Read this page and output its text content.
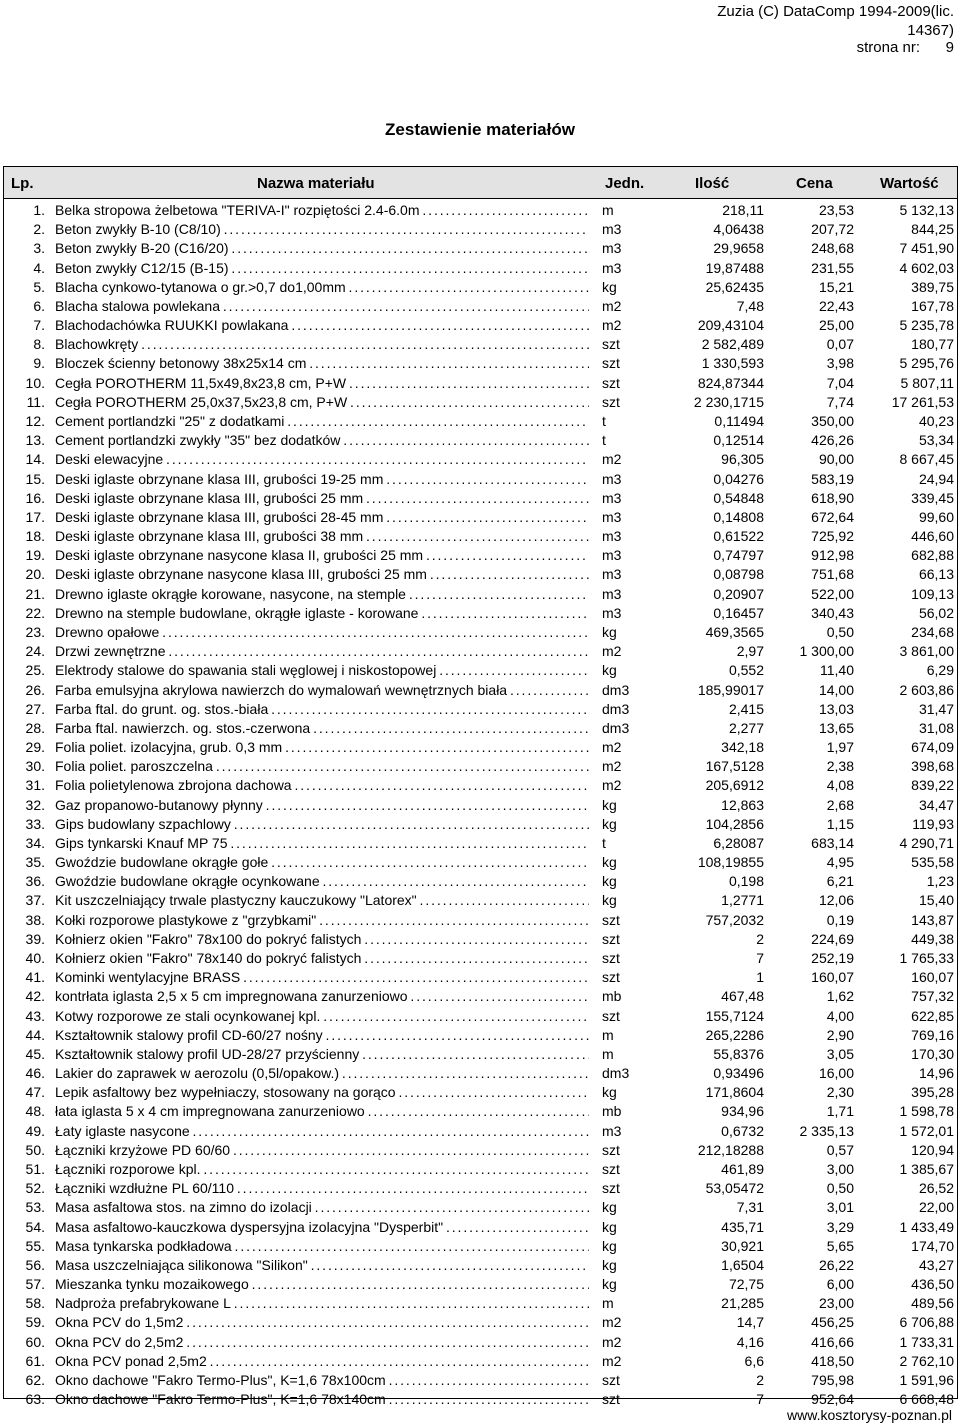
Zuzia (C) DataComp 1994-2009(lic.
14367)
strona nr: 9
Zestawienie materiałów
Lp.	Nazwa materiału	Jedn.	Ilość	Cena	Wartość
1. Belka stropowa żelbetowa "TERIVA-I" rozpiętości 2.4-6.0m . . .	m	218,11	23,53	5 132,13
2. Beton zwykły B-10 (C8/10) . . .	m3	4,06438	207,72	844,25
3. Beton zwykły B-20 (C16/20) . . .	m3	29,9658	248,68	7 451,90
4. Beton zwykły C12/15 (B-15) . . .	m3	19,87488	231,55	4 602,03
5. Blacha cynkowo-tytanowa o gr.>0,7 do1,00mm . . .	kg	25,62435	15,21	389,75
6. Blacha stalowa powlekana . . .	m2	7,48	22,43	167,78
7. Blachodachówka RUUKKI powlakana . . .	m2	209,43104	25,00	5 235,78
8. Blachowkręty . . .	szt	2 582,489	0,07	180,77
9. Bloczek ścienny betonowy 38x25x14 cm . . .	szt	1 330,593	3,98	5 295,76
10. Cegła POROTHERM 11,5x49,8x23,8 cm, P+W . . .	szt	824,87344	7,04	5 807,11
11. Cegła POROTHERM 25,0x37,5x23,8 cm, P+W . . .	szt	2 230,1715	7,74	17 261,53
12. Cement portlandzki "25" z dodatkami . . .	t	0,11494	350,00	40,23
13. Cement portlandzki zwykły "35" bez dodatków . . .	t	0,12514	426,26	53,34
14. Deski elewacyjne . . .	m2	96,305	90,00	8 667,45
15. Deski iglaste obrzynane klasa III, grubości 19-25 mm . . .	m3	0,04276	583,19	24,94
16. Deski iglaste obrzynane klasa III, grubości 25 mm . . .	m3	0,54848	618,90	339,45
17. Deski iglaste obrzynane klasa III, grubości 28-45 mm . . .	m3	0,14808	672,64	99,60
18. Deski iglaste obrzynane klasa III, grubości 38 mm . . .	m3	0,61522	725,92	446,60
19. Deski iglaste obrzynane nasycone klasa II, grubości 25 mm . . .	m3	0,74797	912,98	682,88
20. Deski iglaste obrzynane nasycone klasa III, grubości 25 mm . . .	m3	0,08798	751,68	66,13
21. Drewno iglaste okrągłe korowane, nasycone, na stemple . . .	m3	0,20907	522,00	109,13
22. Drewno na stemple budowlane, okrągłe iglaste - korowane . . .	m3	0,16457	340,43	56,02
23. Drewno opałowe . . .	kg	469,3565	0,50	234,68
24. Drzwi zewnętrzne . . .	m2	2,97	1 300,00	3 861,00
25. Elektrody stalowe do spawania stali węglowej i niskostopowej . . .	kg	0,552	11,40	6,29
26. Farba emulsyjna akrylowa nawierzch do wymalowań wewnętrznych biała . . .	dm3	185,99017	14,00	2 603,86
27. Farba ftal. do grunt. og. stos.-biała . . .	dm3	2,415	13,03	31,47
28. Farba ftal. nawierzch. og. stos.-czerwona . . .	dm3	2,277	13,65	31,08
29. Folia poliet. izolacyjna, grub. 0,3 mm . . .	m2	342,18	1,97	674,09
30. Folia poliet. paroszczelna . . .	m2	167,5128	2,38	398,68
31. Folia polietylenowa zbrojona dachowa . . .	m2	205,6912	4,08	839,22
32. Gaz propanowo-butanowy płynny . . .	kg	12,863	2,68	34,47
33. Gips budowlany szpachlowy . . .	kg	104,2856	1,15	119,93
34. Gips tynkarski Knauf MP 75 . . .	t	6,28087	683,14	4 290,71
35. Gwoździe budowlane okrągłe gołe . . .	kg	108,19855	4,95	535,58
36. Gwoździe budowlane okrągłe ocynkowane . . .	kg	0,198	6,21	1,23
37. Kit uszczelniający trwale plastyczny kauczukowy "Latorex" . . .	kg	1,2771	12,06	15,40
38. Kołki rozporowe plastykowe z "grzybkami" . . .	szt	757,2032	0,19	143,87
39. Kołnierz okien "Fakro" 78x100 do pokryć falistych . . .	szt	2	224,69	449,38
40. Kołnierz okien "Fakro" 78x140 do pokryć falistych . . .	szt	7	252,19	1 765,33
41. Kominki wentylacyjne BRASS . . .	szt	1	160,07	160,07
42. kontrłata iglasta 2,5 x 5 cm impregnowana zanurzeniowo . . .	mb	467,48	1,62	757,32
43. Kotwy rozporowe ze stali ocynkowanej kpl. . . .	szt	155,7124	4,00	622,85
44. Kształtownik stalowy profil CD-60/27 nośny . . .	m	265,2286	2,90	769,16
45. Kształtownik stalowy profil UD-28/27 przyścienny . . .	m	55,8376	3,05	170,30
46. Lakier do zaprawek w aerozolu (0,5l/opakow.) . . .	dm3	0,93496	16,00	14,96
47. Lepik asfaltowy bez wypełniaczy, stosowany na gorąco . . .	kg	171,8604	2,30	395,28
48. łata iglasta 5 x 4 cm impregnowana zanurzeniowo . . .	mb	934,96	1,71	1 598,78
49. Łaty iglaste nasycone . . .	m3	0,6732	2 335,13	1 572,01
50. Łączniki krzyżowe PD 60/60 . . .	szt	212,18288	0,57	120,94
51. Łączniki rozporowe kpl. . . .	szt	461,89	3,00	1 385,67
52. Łączniki wzdłużne PL 60/110 . . .	szt	53,05472	0,50	26,52
53. Masa asfaltowa stos. na zimno do izolacji . . .	kg	7,31	3,01	22,00
54. Masa asfaltowo-kauczkowa dyspersyjna izolacyjna "Dysperbit" . . .	kg	435,71	3,29	1 433,49
55. Masa tynkarska podkładowa . . .	kg	30,921	5,65	174,70
56. Masa uszczelniająca silikonowa "Silikon" . . .	kg	1,6504	26,22	43,27
57. Mieszanka tynku mozaikowego . . .	kg	72,75	6,00	436,50
58. Nadproża prefabrykowane L . . .	m	21,285	23,00	489,56
59. Okna PCV do 1,5m2 . . .	m2	14,7	456,25	6 706,88
60. Okna PCV do 2,5m2 . . .	m2	4,16	416,66	1 733,31
61. Okna PCV ponad 2,5m2 . . .	m2	6,6	418,50	2 762,10
62. Okno dachowe "Fakro Termo-Plus", K=1,6 78x100cm . . .	szt	2	795,98	1 591,96
63. Okno dachowe "Fakro Termo-Plus", K=1,6 78x140cm . . .	szt	7	952,64	6 668,48
www.kosztorysy-poznan.pl
